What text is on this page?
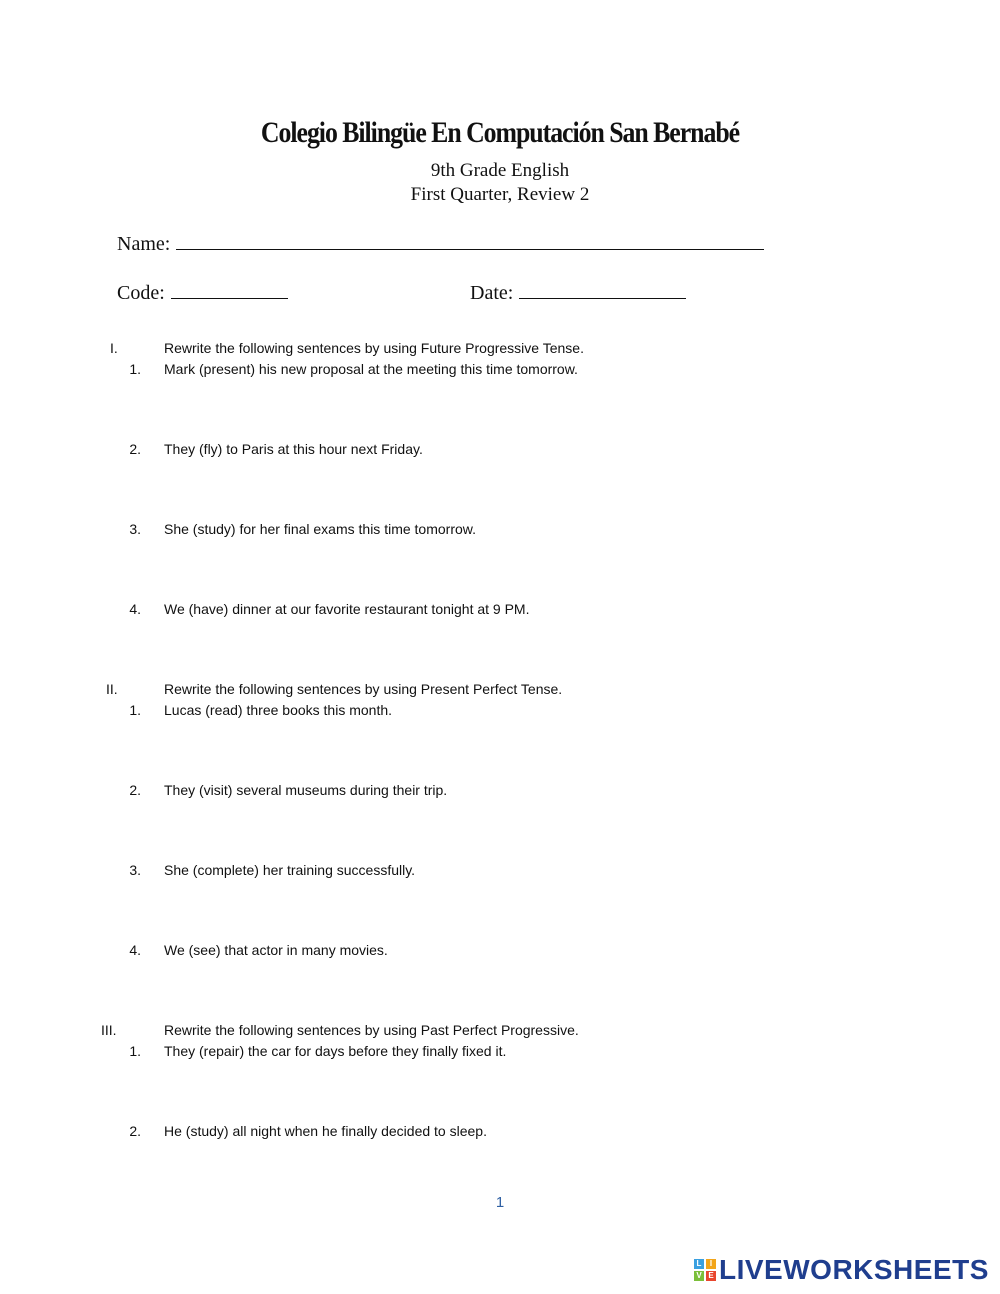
Colegio Bilingüe En Computación San Bernabé
9th Grade English
First Quarter, Review 2
Name:
Code:	Date:
I.	Rewrite the following sentences by using Future Progressive Tense.
1. Mark (present) his new proposal at the meeting this time tomorrow.
2. They (fly) to Paris at this hour next Friday.
3. She (study) for her final exams this time tomorrow.
4. We (have) dinner at our favorite restaurant tonight at 9 PM.
II.	Rewrite the following sentences by using Present Perfect Tense.
1. Lucas (read) three books this month.
2. They (visit) several museums during their trip.
3. She (complete) her training successfully.
4. We (see) that actor in many movies.
III.	Rewrite the following sentences by using Past Perfect Progressive.
1. They (repair) the car for days before they finally fixed it.
2. He (study) all night when he finally decided to sleep.
1
L	I
V E LIVEWORKSHEETS
